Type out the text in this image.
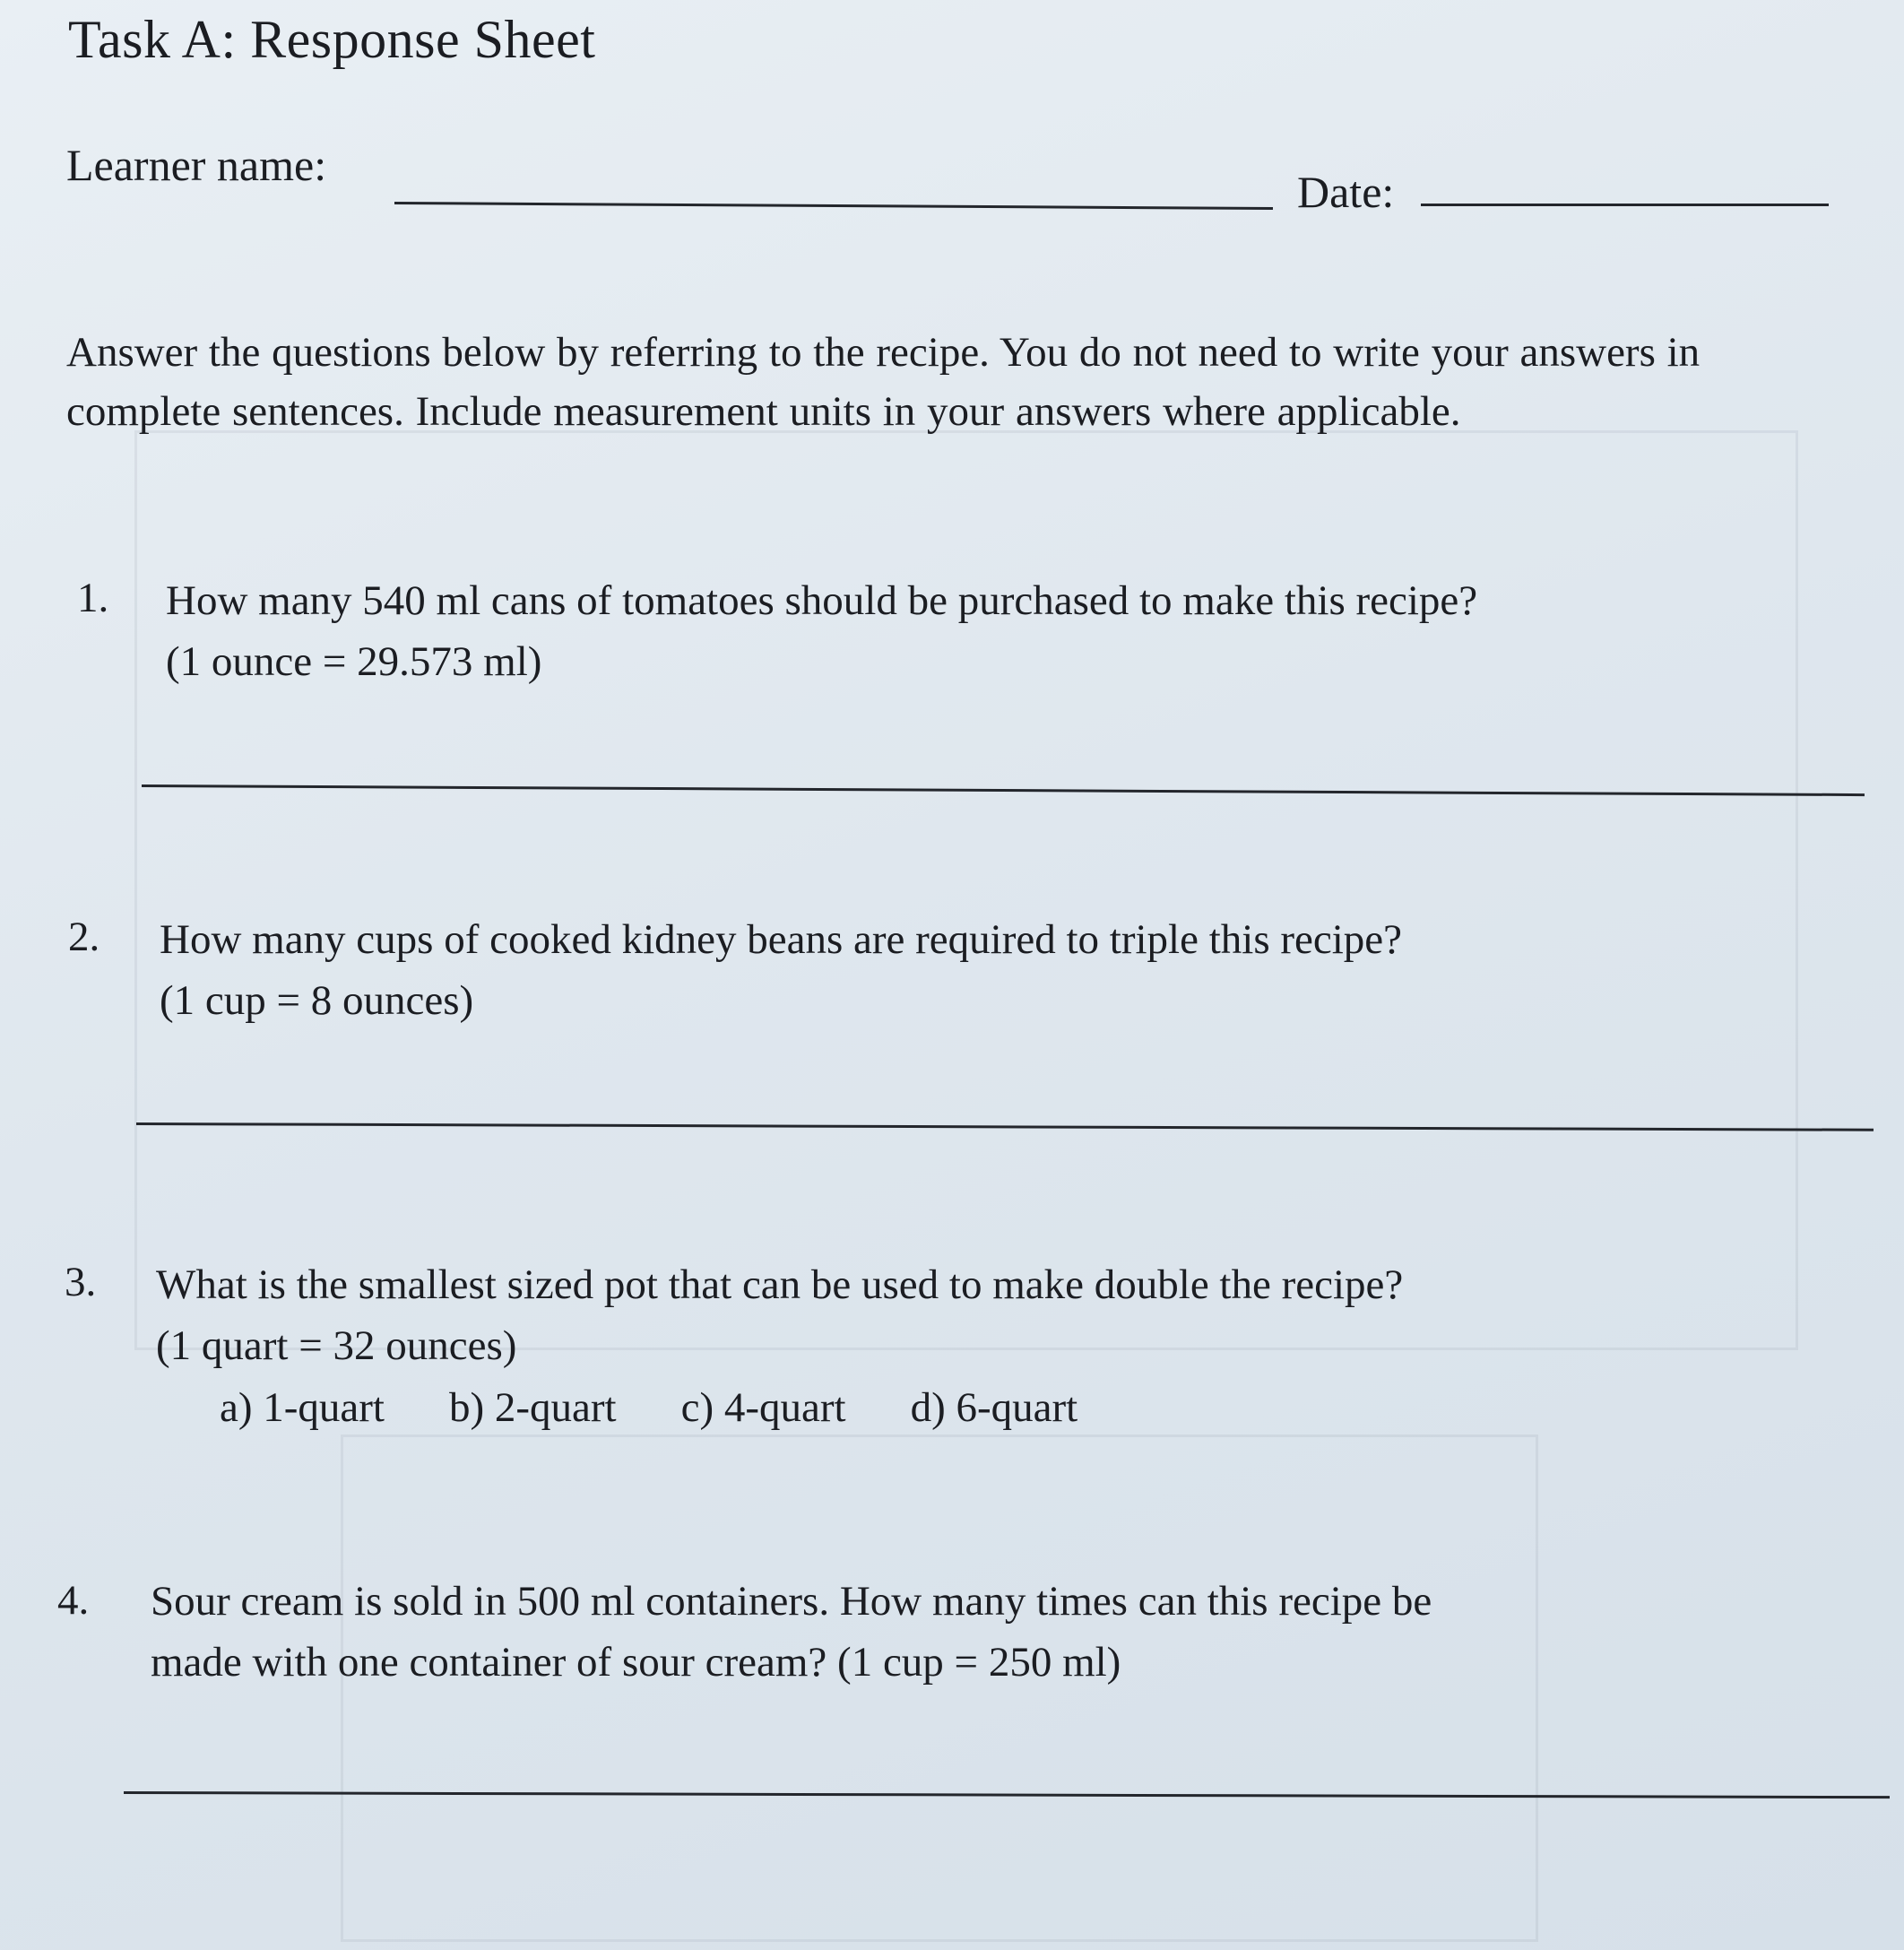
Task A: Response Sheet
Learner name:
Date:
Answer the questions below by referring to the recipe. You do not need to write your answers in complete sentences. Include measurement units in your answers where applicable.
1. How many 540 ml cans of tomatoes should be purchased to make this recipe?
(1 ounce = 29.573 ml)
2. How many cups of cooked kidney beans are required to triple this recipe?
(1 cup = 8 ounces)
3. What is the smallest sized pot that can be used to make double the recipe?
(1 quart = 32 ounces)
a) 1-quart b) 2-quart c) 4-quart d) 6-quart
4. Sour cream is sold in 500 ml containers. How many times can this recipe be
made with one container of sour cream? (1 cup = 250 ml)
